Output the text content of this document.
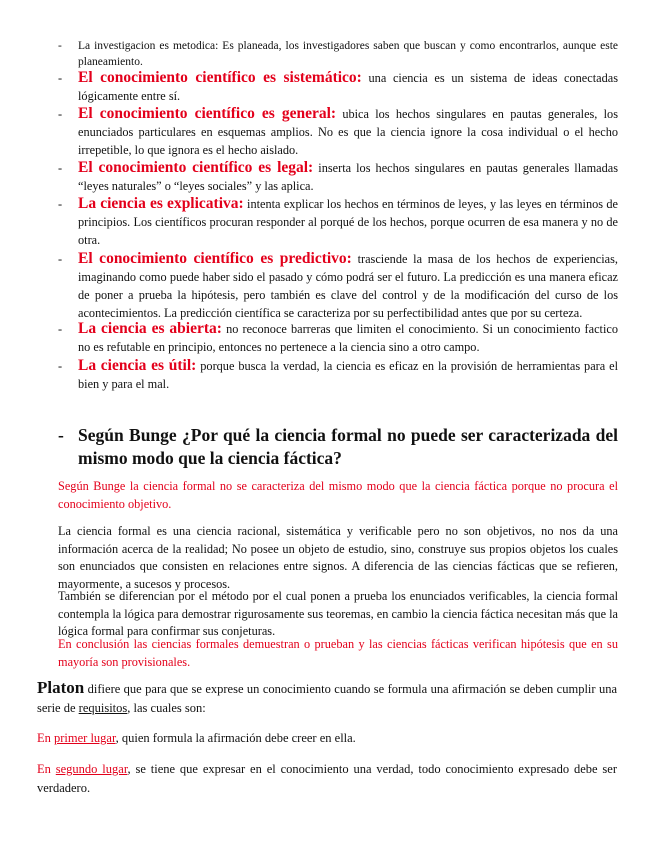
- La investigacion es metodica: Es planeada, los investigadores saben que buscan y como encontrarlos, aunque este planeamiento.
- El conocimiento científico es sistemático: una ciencia es un sistema de ideas conectadas lógicamente entre sí.
- El conocimiento científico es general: ubica los hechos singulares en pautas generales, los enunciados particulares en esquemas amplios. No es que la ciencia ignore la cosa individual o el hecho irrepetible, lo que ignora es el hecho aislado.
- El conocimiento científico es legal: inserta los hechos singulares en pautas generales llamadas “leyes naturales” o “leyes sociales” y las aplica.
- La ciencia es explicativa: intenta explicar los hechos en términos de leyes, y las leyes en términos de principios. Los científicos procuran responder al porqué de los hechos, porque ocurren de esa manera y no de otra.
- El conocimiento científico es predictivo: trasciende la masa de los hechos de experiencias, imaginando como puede haber sido el pasado y cómo podrá ser el futuro. La predicción es una manera eficaz de poner a prueba la hipótesis, pero también es clave del control y de la modificación del curso de los acontecimientos. La predicción científica se caracteriza por su perfectibilidad antes que por su certeza.
- La ciencia es abierta: no reconoce barreras que limiten el conocimiento. Si un conocimiento factico no es refutable en principio, entonces no pertenece a la ciencia sino a otro campo.
- La ciencia es útil: porque busca la verdad, la ciencia es eficaz en la provisión de herramientas para el bien y para el mal.
- Según Bunge ¿Por qué la ciencia formal no puede ser caracterizada del mismo modo que la ciencia fáctica?
Según Bunge la ciencia formal no se caracteriza del mismo modo que la ciencia fáctica porque no procura el conocimiento objetivo.
La ciencia formal es una ciencia racional, sistemática y verificable pero no son objetivos, no nos da una información acerca de la realidad; No posee un objeto de estudio, sino, construye sus propios objetos los cuales son enunciados que consisten en relaciones entre signos. A diferencia de las ciencias fácticas que se refieren, mayormente, a sucesos y procesos.
También se diferencian por el método por el cual ponen a prueba los enunciados verificables, la ciencia formal contempla la lógica para demostrar rigurosamente sus teoremas, en cambio la ciencia fáctica necesitan más que la lógica formal para confirmar sus conjeturas.
En conclusión las ciencias formales demuestran o prueban y las ciencias fácticas verifican hipótesis que en su mayoría son provisionales.
Platon difiere que para que se exprese un conocimiento cuando se formula una afirmación se deben cumplir una serie de requisitos, las cuales son:
En primer lugar, quien formula la afirmación debe creer en ella.
En segundo lugar, se tiene que expresar en el conocimiento una verdad, todo conocimiento expresado debe ser verdadero.
